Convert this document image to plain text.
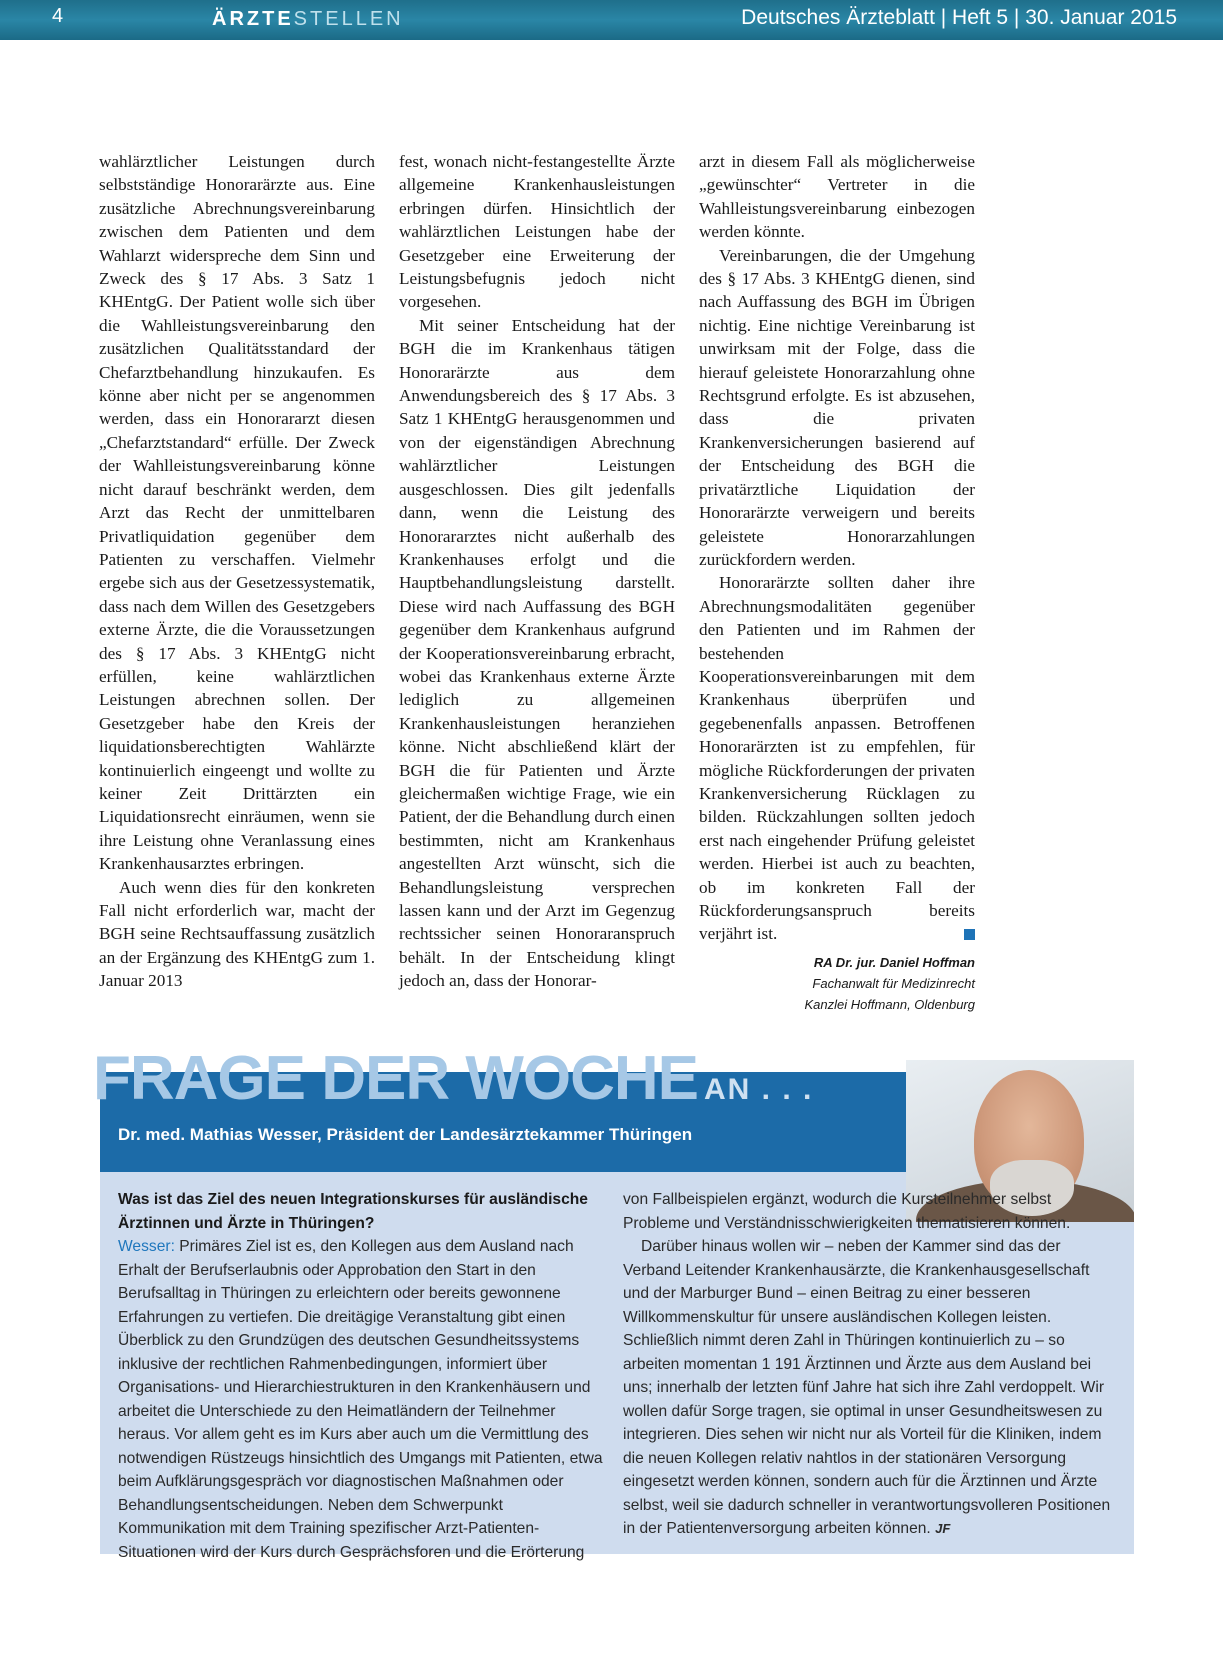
4	ÄRZTESTELLEN	Deutsches Ärzteblatt | Heft 5 | 30. Januar 2015

wahlärztlicher Leistungen durch selbstständige Honorarärzte aus. Eine zusätzliche Abrechnungsvereinbarung zwischen dem Patienten und dem Wahlarzt widerspreche dem Sinn und Zweck des § 17 Abs. 3 Satz 1 KHEntgG. Der Patient wolle sich über die Wahlleistungsvereinbarung den zusätzlichen Qualitätsstandard der Chefarztbehandlung hinzukaufen. Es könne aber nicht per se angenommen werden, dass ein Honorararzt diesen „Chefarztstandard“ erfülle. Der Zweck der Wahlleistungsvereinbarung könne nicht darauf beschränkt werden, dem Arzt das Recht der unmittelbaren Privatliquidation gegenüber dem Patienten zu verschaffen. Vielmehr ergebe sich aus der Gesetzessystematik, dass nach dem Willen des Gesetzgebers externe Ärzte, die die Voraussetzungen des § 17 Abs. 3 KHEntgG nicht erfüllen, keine wahlärztlichen Leistungen abrechnen sollen. Der Gesetzgeber habe den Kreis der liquidationsberechtigten Wahlärzte kontinuierlich eingeengt und wollte zu keiner Zeit Drittärzten ein Liquidationsrecht einräumen, wenn sie ihre Leistung ohne Veranlassung eines Krankenhausarztes erbringen.

Auch wenn dies für den konkreten Fall nicht erforderlich war, macht der BGH seine Rechtsauffassung zusätzlich an der Ergänzung des KHEntgG zum 1. Januar 2013

fest, wonach nicht-festangestellte Ärzte allgemeine Krankenhausleistungen erbringen dürfen. Hinsichtlich der wahlärztlichen Leistungen habe der Gesetzgeber eine Erweiterung der Leistungsbefugnis jedoch nicht vorgesehen.

Mit seiner Entscheidung hat der BGH die im Krankenhaus tätigen Honorarärzte aus dem Anwendungsbereich des § 17 Abs. 3 Satz 1 KHEntgG herausgenommen und von der eigenständigen Abrechnung wahlärztlicher Leistungen ausgeschlossen. Dies gilt jedenfalls dann, wenn die Leistung des Honorararztes nicht außerhalb des Krankenhauses erfolgt und die Hauptbehandlungsleistung darstellt. Diese wird nach Auffassung des BGH gegenüber dem Krankenhaus aufgrund der Kooperationsvereinbarung erbracht, wobei das Krankenhaus externe Ärzte lediglich zu allgemeinen Krankenhausleistungen heranziehen könne. Nicht abschließend klärt der BGH die für Patienten und Ärzte gleichermaßen wichtige Frage, wie ein Patient, der die Behandlung durch einen bestimmten, nicht am Krankenhaus angestellten Arzt wünscht, sich die Behandlungsleistung versprechen lassen kann und der Arzt im Gegenzug rechtssicher seinen Honoraranspruch behält. In der Entscheidung klingt jedoch an, dass der Honorar-

arzt in diesem Fall als möglicherweise „gewünschter“ Vertreter in die Wahlleistungsvereinbarung einbezogen werden könnte.

Vereinbarungen, die der Umgehung des § 17 Abs. 3 KHEntgG dienen, sind nach Auffassung des BGH im Übrigen nichtig. Eine nichtige Vereinbarung ist unwirksam mit der Folge, dass die hierauf geleistete Honorarzahlung ohne Rechtsgrund erfolgte. Es ist abzusehen, dass die privaten Krankenversicherungen basierend auf der Entscheidung des BGH die privatärztliche Liquidation der Honorarärzte verweigern und bereits geleistete Honorarzahlungen zurückfordern werden.

Honorarärzte sollten daher ihre Abrechnungsmodalitäten gegenüber den Patienten und im Rahmen der bestehenden Kooperationsvereinbarungen mit dem Krankenhaus überprüfen und gegebenenfalls anpassen. Betroffenen Honorarärzten ist zu empfehlen, für mögliche Rückforderungen der privaten Krankenversicherung Rücklagen zu bilden. Rückzahlungen sollten jedoch erst nach eingehender Prüfung geleistet werden. Hierbei ist auch zu beachten, ob im konkreten Fall der Rückforderungsanspruch bereits verjährt ist.

RA Dr. jur. Daniel Hoffman
Fachanwalt für Medizinrecht
Kanzlei Hoffmann, Oldenburg
FRAGE DER WOCHE AN . . .
Dr. med. Mathias Wesser, Präsident der Landesärztekammer Thüringen

Was ist das Ziel des neuen Integrationskurses für ausländische Ärztinnen und Ärzte in Thüringen?

Wesser: Primäres Ziel ist es, den Kollegen aus dem Ausland nach Erhalt der Berufserlaubnis oder Approbation den Start in den Berufsalltag in Thüringen zu erleichtern oder bereits gewonnene Erfahrungen zu vertiefen. Die dreitägige Veranstaltung gibt einen Überblick zu den Grundzügen des deutschen Gesundheitssystems inklusive der rechtlichen Rahmenbedingungen, informiert über Organisations- und Hierarchiestrukturen in den Krankenhäusern und arbeitet die Unterschiede zu den Heimatländern der Teilnehmer heraus. Vor allem geht es im Kurs aber auch um die Vermittlung des notwendigen Rüstzeugs hinsichtlich des Umgangs mit Patienten, etwa beim Aufklärungsgespräch vor diagnostischen Maßnahmen oder Behandlungsentscheidungen. Neben dem Schwerpunkt Kommunikation mit dem Training spezifischer Arzt-Patienten-Situationen wird der Kurs durch Gesprächsforen und die Erörterung

von Fallbeispielen ergänzt, wodurch die Kursteilnehmer selbst Probleme und Verständnisschwierigkeiten thematisieren können.

Darüber hinaus wollen wir – neben der Kammer sind das der Verband Leitender Krankenhausärzte, die Krankenhausgesellschaft und der Marburger Bund – einen Beitrag zu einer besseren Willkommenskultur für unsere ausländischen Kollegen leisten. Schließlich nimmt deren Zahl in Thüringen kontinuierlich zu – so arbeiten momentan 1 191 Ärztinnen und Ärzte aus dem Ausland bei uns; innerhalb der letzten fünf Jahre hat sich ihre Zahl verdoppelt. Wir wollen dafür Sorge tragen, sie optimal in unser Gesundheitswesen zu integrieren. Dies sehen wir nicht nur als Vorteil für die Kliniken, indem die neuen Kollegen relativ nahtlos in der stationären Versorgung eingesetzt werden können, sondern auch für die Ärztinnen und Ärzte selbst, weil sie dadurch schneller in verantwortungsvolleren Positionen in der Patientenversorgung arbeiten können. JF
